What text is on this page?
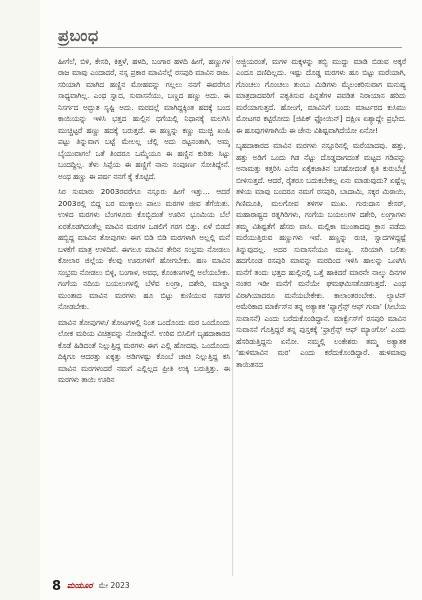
ಪ್ರಬಂಧ

ಹೀಗೆಲೆ, ಬಿಳಿ, ಕೇಸರಿ, ಕಿತ್ತಳೆ, ಹಳದಿ, ಬಂಗಾರ ಹಳದಿ ಹೀಗೆ, ಹಣ್ಣುಗಳ ರಾಜ ಮಾವು ಎಂದಾದರೆ, ನಸ್ಸ ಪ್ರಕಾರ ಮಾವಿನೆಲ್ಲೆ ರಸಪುರಿ ಮಾವಿನ ರಾಜ. ಸರಿಯಾಗಿ ಮಾಗಿದ ಹಣ್ಣಿನ ಮೋಹವನ್ನು ಗಲ್ಲಲು ನನಗೆ ಈವರೆಗೂ ಸಾಧ್ಯವಾಗಿಲ್ಲ. ಎಂಥ ಸ್ವಾದ, ಸುವಾಸನೆಯು, ಬಣ್ಣದ ಹಣ್ಣು ಅದು. ಈ ನಿಸರ್ಗದ ಅದ್ಭುತ ಸೃಷ್ಟಿ ಅದು. ಮರದಲ್ಲೆ ಮಾಗಿದ್ದಕ್ಕಿಂತ ಹದಕ್ಕೆ ಬಂದ ಕಾಯಿಯನ್ನು ಇಳಿಸಿ ಭತ್ತದ ಹುಲ್ಲಿನ ಧಗೆಯಲ್ಲಿ ನಿಧಾನಕ್ಕೆ ಮಲಗಿಸಿ ಮುಚ್ಚಿಟ್ಟರೆ ಹಣ್ಣು ಹದಕ್ಕೆ ಬರುತ್ತದೆ. ಈ ಹಣ್ಣನ್ನು ಕಣ್ಣು ಮುಚ್ಚಿ ಖುಷಿ ಪಟ್ಟು ತಿನ್ನುವಾಗ ಬಟ್ಟೆ ಮೇಲಲ್ಲ ಚೆಲ್ಲಿ ಅದು ರಟ್ಟನಂತಾಗಿ, ಅಮ್ಮ ಬೈಯುವಾಗಲೆ ಒತೆ ತಿಂದರೂ ಒಮ್ಮೆಯೂ ಈ ಹಣ್ಣಿನ ಕುರಿತು ಸಿಟ್ಟು ಬಂದದ್ದಿಲ್ಲ. ತೆಳು ಸಿಪ್ಪೆಯ ಈ ಹಣ್ಣಿಗೆ ನಾನು ಸಂಪೂರ್ಣ ಸೋತಿದ್ದೇನೆ. ಅಂಥ ಹಣ್ಣು ಈ ಪರ್ಷ ನನಗೆ ಕೈ ಕೊಟ್ಟಿದೆ.

ಸಿರ ಸುಮಾರು 2003ರವರೆಗೂ ನಸ್ಸೂರು ಹೀಗೆ ಇತ್ತು... ಆದರೆ 2003ರಲ್ಲಿ ಬಿದ್ದ ಬರ ಮುಕ್ಕಾಲು ಪಾಲು ಮರಗಳ ಜೀವ ತೆಗೆಯಿತು. ಉಳಿದ ಮರಗಳು ಬೆಂಗಳೂರು ಕೊಬ್ಬಿದಂತೆ ಊರಿನ ಭೂಮಿಯ ಬೆಲೆ ಏರತೊಡಗಿದಂತೆಲ್ಲ ಮಾವಿನ ಮರಗಳ ಒಡಲಿಗೆ ಗರಗ ಬಿತ್ತು. ಏಳೆ ಬಿಡದೆ ಹಬ್ಬಿದ್ದ ಮಾವಿನ ತೋಪುಗಳು ಈಗ ಬಿಡಿ ಬಿಡಿ ಮರಗಳಾಗಿ ಅಲ್ಲಲ್ಲಿ ಮನೆ ಬಳಕೆಗೆ ಮಾತ್ರ ಉಳಿದಿವೆ. ಈಗಲೂ ಮಾವಿನ ತೇರಿನ ಸಂಭ್ರಮ ನೋಡಲು ಕೋಲಾರ ಜಿಲ್ಲೆಯ ಕೆಲವು ಊರುಗಳಿಗೆ ಹೋಗಬೇಕು. ಹಣ ಮಾವಿನ ಸಂಭ್ರಮ ನೋಡಲು ಬಿಳ್ಳಿ, ಬಂಗಾಳ, ಅವಧ, ಕೊಂಕಣಗಳಲ್ಲಿ ಅಲೆಯಬೇಕು. ಗಂಗೆಯ ನದಿಯ ಬಯಲುಗಳಲ್ಲಿ ಬೆಳೆವ ಲಂಗ್ರಾ, ದಶೇರಿ, ಮಾಲ್ಡಾ ಮುಂತಾದ ಮಾವಿನ ಮರಗಳು ಹೂ ಬಿಟ್ಟು ಕುಣಿಯುವ ಸಡಗರ ನೋಡಬೇಕು.

ಮಾವಿನ ತೋಪುಗಳು/ ತೋಟಗಳಲ್ಲಿ ನಿಂತ ಒಂದೊಂದು ಮರ ಒಂದೊಂದು ಲೋಕ ಮರಿಯ ವಿಚಿತ್ರವನ್ನು ನೋಡಿದ್ದೇನೆ. ಉರಿವ ಬಿಸಿಲಿಗೆ ಬೃಹದಾಕಾರದ ಕೊಡೆ ಹಿಡಿದಂತೆ ನಿಲ್ಲುತ್ತಿದ್ದ ಮರಗಳು ಈಗ ಎಲ್ಲಿ ಹೋದವು. ಒಂದೊಂದು ದಿಕ್ಕಿಗೂ ಆದರತ್ತು ಏಕ್ಕತ್ತು ಅಡಿಗಳಷ್ಟು ಕೊಂಬೆ ಚಾಚಿ ನಿಲ್ಲುತ್ತಿದ್ದ ಕಸಿ ಮಾವಿನ ಮರಗಳಂದರೆ ನಮಗೆ ಎಲ್ಲಿಲ್ಲದ ಪ್ರೀತಿ ಉಕ್ಕಿ ಬರುತ್ತಿತ್ತು. ಈ ಮರಗಳು ತಾಯಿ ಊರಿನ

ಅಜ್ಜಿಯರಂತೆ, ಮಗಳ ಮಕ್ಕಳನ್ನು ತಬ್ಬಿ ಮುದ್ದು ಮಾಡಿ ಬಿಡುವ ಅಕ್ಕರೆ ಎಂದೂ ದಣಿದಿಲ್ಲದು. ಇಷ್ಟು ದೊಡ್ಡ ಮರಗಳು ಹೂ ಬಿಟ್ಟು ಮರೆಯಾಗಿ, ಗೊಂಚಲು ಗೊಂಚಲು ತುಂಬು ಮಿಡಿಗಳು ಮೈಲಂಕರಿಸುವಾಗ ಮನುಷ್ಯ ಮಾತ್ರದಾದವರಿಗೆ ಪಕೃತಿಸುವ ಪಿನ್ನತೆಗಳ ಪವಡಿತ ನಿರಾಯಾಸ ಹರಿದು ಮರೆಯಾಗುತ್ತದೆ. ಹೋಂಗೆ, ಮಾವಿನಿಗೆ ಬಂದು ಮಾರ್ಟರದ ಕುಸಿಮು ಮೋಟಗರ ಕಟ್ಟಿರೋದು [ಜಿಪಿಕ್ ಫ್ಲೋಯಿನ್] ದಕ್ಷಿಣ ಏಶ್ಯಾದ್ದೇ ಪ್ರಭೇದ. ಈ ಹೂವುಗಳಿಗಾಗಿಯೆ ಈ ಜೇನು ವಿಶಿಷ್ಟವಾಗಿದೆಯೋ ಏನೋ!

ಬೃಹದಾಕಾರದ ಮಾವಿನ ಮರಗಳು ನಸ್ಸೂರಿನಲ್ಲಿ ಮರೆಯಾದವು. ಹತ್ತು, ಹತ್ತು ಅಡಿಗೆ ಒಂದು ಗಿಡ ನೆಟ್ಟು ದೊಡ್ಡದಾಗದಂತೆ ಮಟ್ಟದ ಗಡಿಪನ್ನು ಅನಾಮತ್ತು ಕತ್ತರಿಸಿ ಎಸೆದ ಏಕೈಕಜಾತಿನ ಬಗಹೋದಂತೆ ಕೃತಿ ಕುರುಬೆಚ್ಚೆ ಬೀಳಿಸುತ್ತದೆ. ಆದರೆ, ರೈತರೂ ಬದುಕಬೇಕಲ್ಲ ಏನು ಮಾಡುವುದು? ಏಷ್ಟೆಲ್ಲ ತಳಿಯ ಮಾವು ಬಂದರೂ ನಮಗೆ ರಸಪುರಿ, ಬಾದಾಮಿ, ಸಕ್ಕರ ಮಿಠಾಯಿ, ಗಿಣಿಮೂತಿ, ಮಲಗೋವ ತಳಿಗಳ ಮುಖ. ಗುರುದಾಸ ಕೇಸರ್, ಮಹಾರಾಷ್ಟ್ರದ ರತ್ನಗಿರಿಗಳು, ಗಂಗೆಯ ಬಯಲುಗಳ ದಶೇರಿ, ಲಂಗ್ರಾಗಳು ತಮ್ಮ ವಿಶಿಷ್ಟತೆಗೆ ಹೆಸರು ವಾಸಿ. ಮಲ್ಲಿಕಾ ಮುಂತಾದವು ಕ್ರಾಸ ಪಡೆದು ಮರೆಯುತ್ತಿರುವ ಹಣ್ಣುಗಳು ಇವೆ. ಹಣ್ಣನ್ನು ರುಚಿ, ಸ್ವಾದಗಳಿದ್ದಷ್ಟೆ ತಿನ್ನುವುದಲ್ಲ. ಅದರ ಸುವಾಸನೆಯೂ ಮುಖ್ಯ. ಸರಿಯಾಗಿ ಬಲಿತು ಹದಗೊಂಡ ರಸಪುರಿ ಮಾವನ್ನು ಮರದಿಂದ ಇಳಿಸಿ ಹಾಲನ್ನು ಒಣಗಿಸಿ ಮನೆಗೆ ತಂದು ಭತ್ತದ ಹುಲ್ಲಿನಲ್ಲಿ ಒತ್ತೆ ಹಾಕಿದರೆ ಮಾರನೇ ನಾಲ್ಕು ದಿನಗಳ ನಂತರ ಇಡೀ ಮನೆಗೆ ಮನೆಯೇ ಘಮಘಮಿಸತೊಡಗುತ್ತದೆ. ಎಂಥ ವಿರಾಗಿಯಾದರೂ ಮನೆಯಬೇಕೇಕು. ಕಾಲಾಂತರಂಬೇಕು. ಲ್ಯಾಟಿನ್ ಅಮೆರಿಕಾದ ಮಾರ್ಕೆಸ್‌ನ ತನ್ನ ಅತ್ಯಾತಕ ‘ಫ್ಯಾಗ್ರೆನ್ಸ್ ಆಫ್ ಗುವಾ’ (ಸೀಬೆಯ ಸುವಾಸನೆ) ಎಂದು ಬರೆದುಕೊಂಡಿದ್ದಾನೆ. ಮಾರ್ಕ್ವೆಸ್‌ಗೆ ರಸಪುರಿ ಮಾವಿನ ಸುವಾಸನೆ ಗೊತ್ತಿದ್ದರೆ ತನ್ನ ಪುಸ್ತಕಕ್ಕೆ ‘ಫ್ರಾಗ್ರೆನ್ಸ್ ಆಫ್ ಮ್ಯಾಂಗೋ’ ಎಂದು ಹೆಸರಿಡುತ್ತಿದ್ದನು ಏನೋ. ನಮ್ಮಲ್ಲಿ ಲಂಕೇಶರು ತಮ್ಮ ಅತ್ಯಾತಕ ‘ಹುಳಿಮಾವಿನ ಮರ’ ಎಂದು ಕರೆದುಕೊಂಡಿದ್ದಾರೆ. ಹುಳಿಮಾವು ತಾಯಿತನದ

8 ಮಯೂರ ಮೇ 2023
